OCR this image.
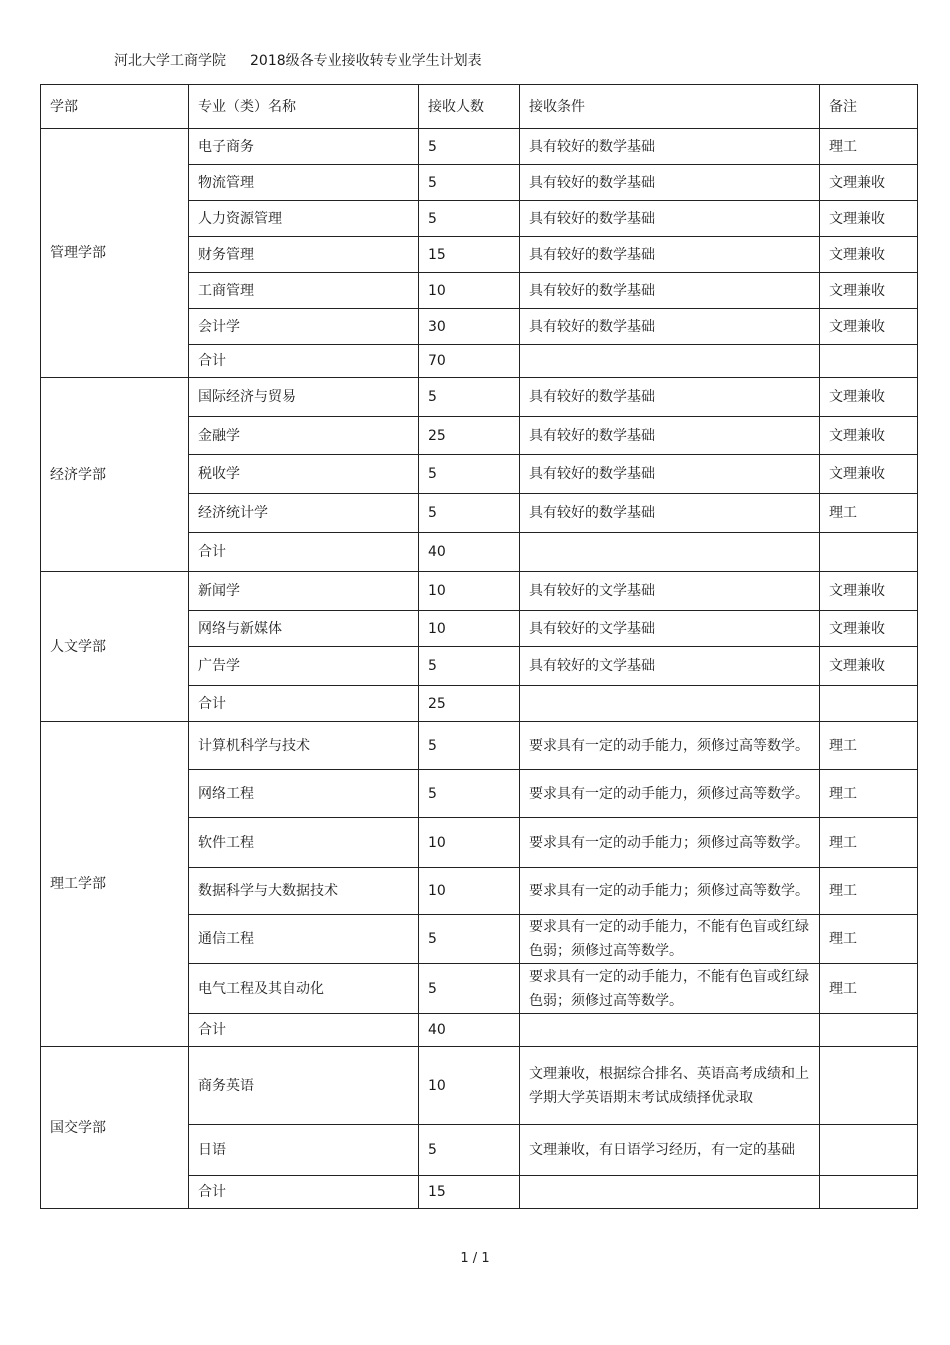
河北大学工商学院 2018级各专业接收转专业学生计划表
学部	专业（类）名称	接收人数	接收条件	备注
管理学部	电子商务	5	具有较好的数学基础	理工
	物流管理	5	具有较好的数学基础	文理兼收
	人力资源管理	5	具有较好的数学基础	文理兼收
	财务管理	15	具有较好的数学基础	文理兼收
	工商管理	10	具有较好的数学基础	文理兼收
	会计学	30	具有较好的数学基础	文理兼收
	合计	70		
经济学部	国际经济与贸易	5	具有较好的数学基础	文理兼收
	金融学	25	具有较好的数学基础	文理兼收
	税收学	5	具有较好的数学基础	文理兼收
	经济统计学	5	具有较好的数学基础	理工
	合计	40		
人文学部	新闻学	10	具有较好的文学基础	文理兼收
	网络与新媒体	10	具有较好的文学基础	文理兼收
	广告学	5	具有较好的文学基础	文理兼收
	合计	25		
理工学部	计算机科学与技术	5	要求具有一定的动手能力，须修过高等数学。	理工
	网络工程	5	要求具有一定的动手能力，须修过高等数学。	理工
	软件工程	10	要求具有一定的动手能力；须修过高等数学。	理工
	数据科学与大数据技术	10	要求具有一定的动手能力；须修过高等数学。	理工
	通信工程	5	要求具有一定的动手能力，不能有色盲或红绿色弱；须修过高等数学。	理工
	电气工程及其自动化	5	要求具有一定的动手能力，不能有色盲或红绿色弱；须修过高等数学。	理工
	合计	40		
国交学部	商务英语	10	文理兼收，根据综合排名、英语高考成绩和上学期大学英语期末考试成绩择优录取	
	日语	5	文理兼收，有日语学习经历，有一定的基础	
	合计	15		
1 / 1
